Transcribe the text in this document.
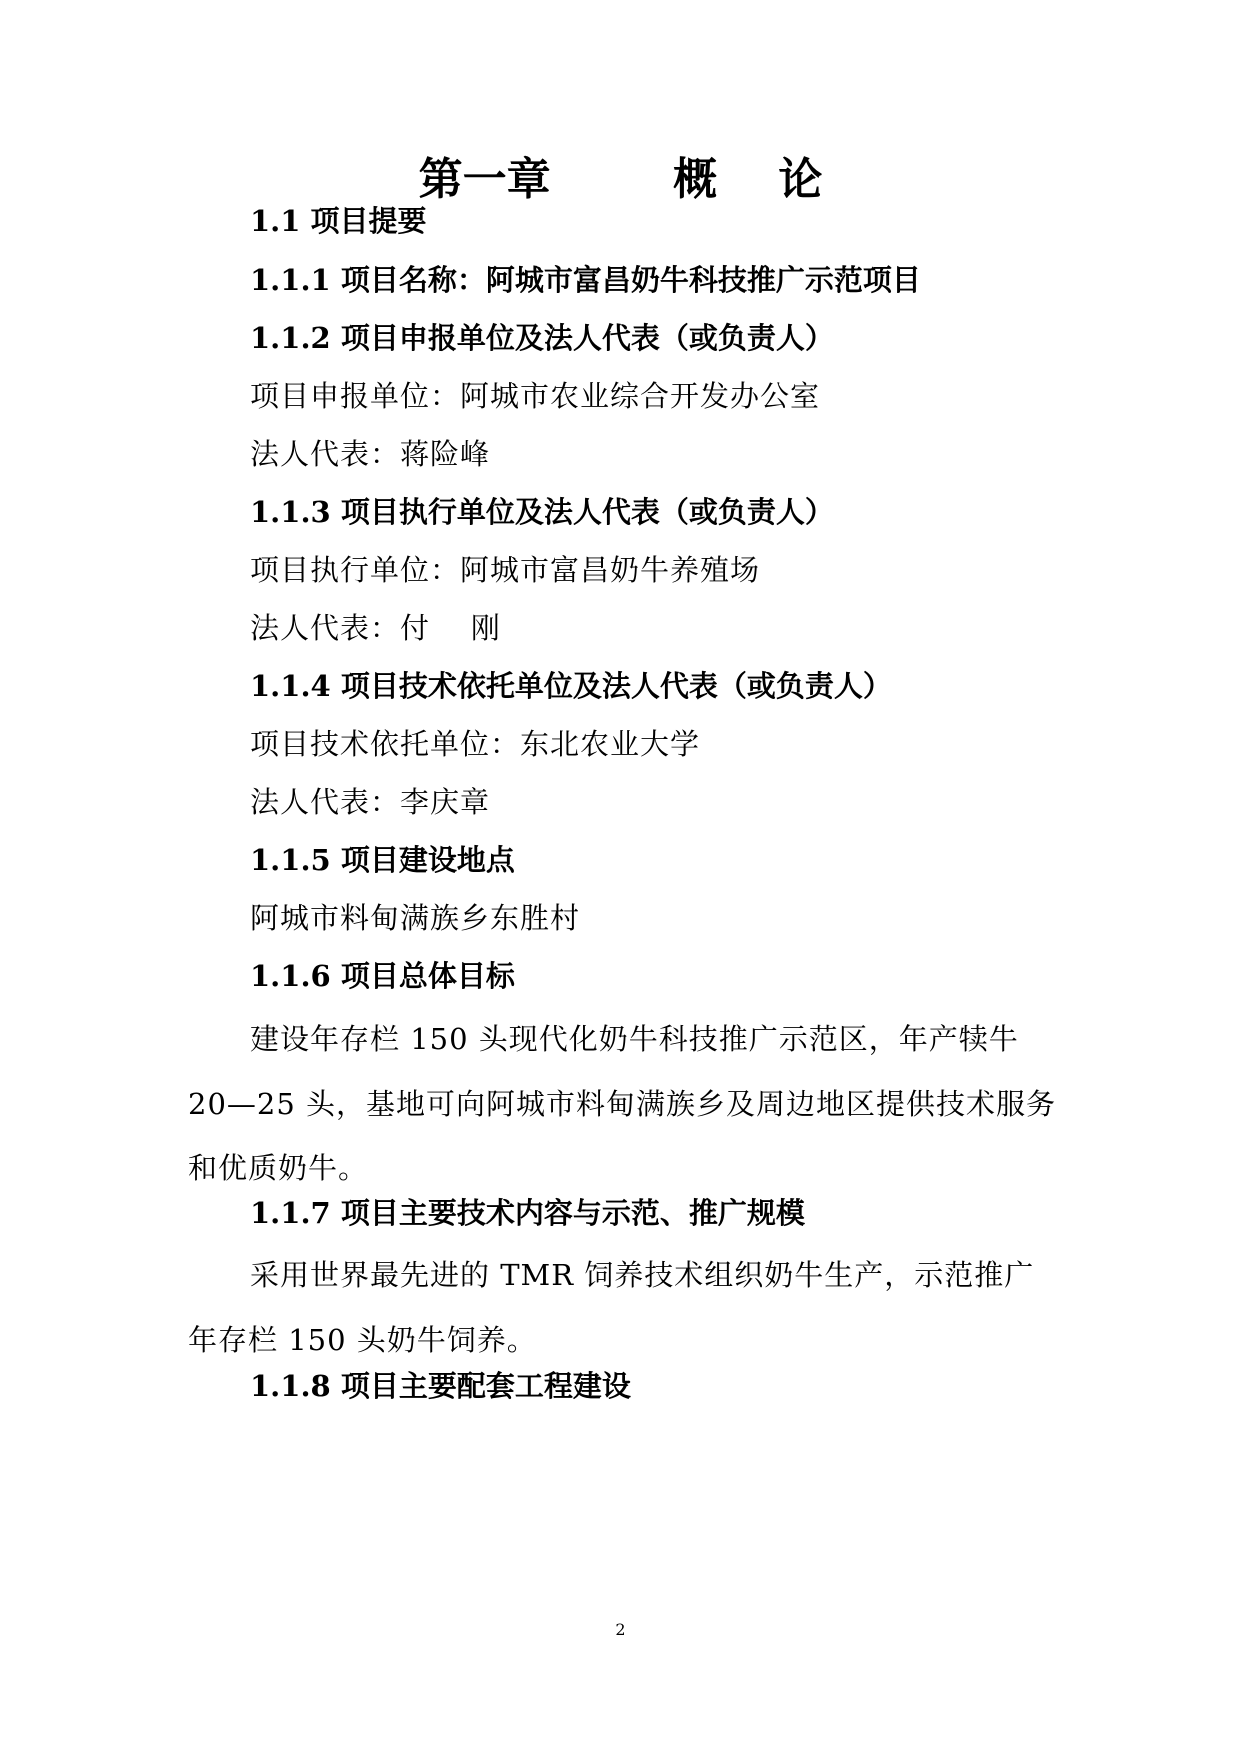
第一章        概    论
1.1 项目提要
1.1.1 项目名称：阿城市富昌奶牛科技推广示范项目
1.1.2 项目申报单位及法人代表（或负责人）
项目申报单位：阿城市农业综合开发办公室
法人代表：蒋险峰
1.1.3 项目执行单位及法人代表（或负责人）
项目执行单位：阿城市富昌奶牛养殖场
法人代表：付    刚
1.1.4 项目技术依托单位及法人代表（或负责人）
项目技术依托单位：东北农业大学
法人代表：李庆章
1.1.5 项目建设地点
阿城市料甸满族乡东胜村
1.1.6 项目总体目标

建设年存栏 150 头现代化奶牛科技推广示范区，年产犊牛 20—25 头，基地可向阿城市料甸满族乡及周边地区提供技术服务和优质奶牛。

1.1.7 项目主要技术内容与示范、推广规模

采用世界最先进的 TMR 饲养技术组织奶牛生产，示范推广年存栏 150 头奶牛饲养。

1.1.8 项目主要配套工程建设
2
